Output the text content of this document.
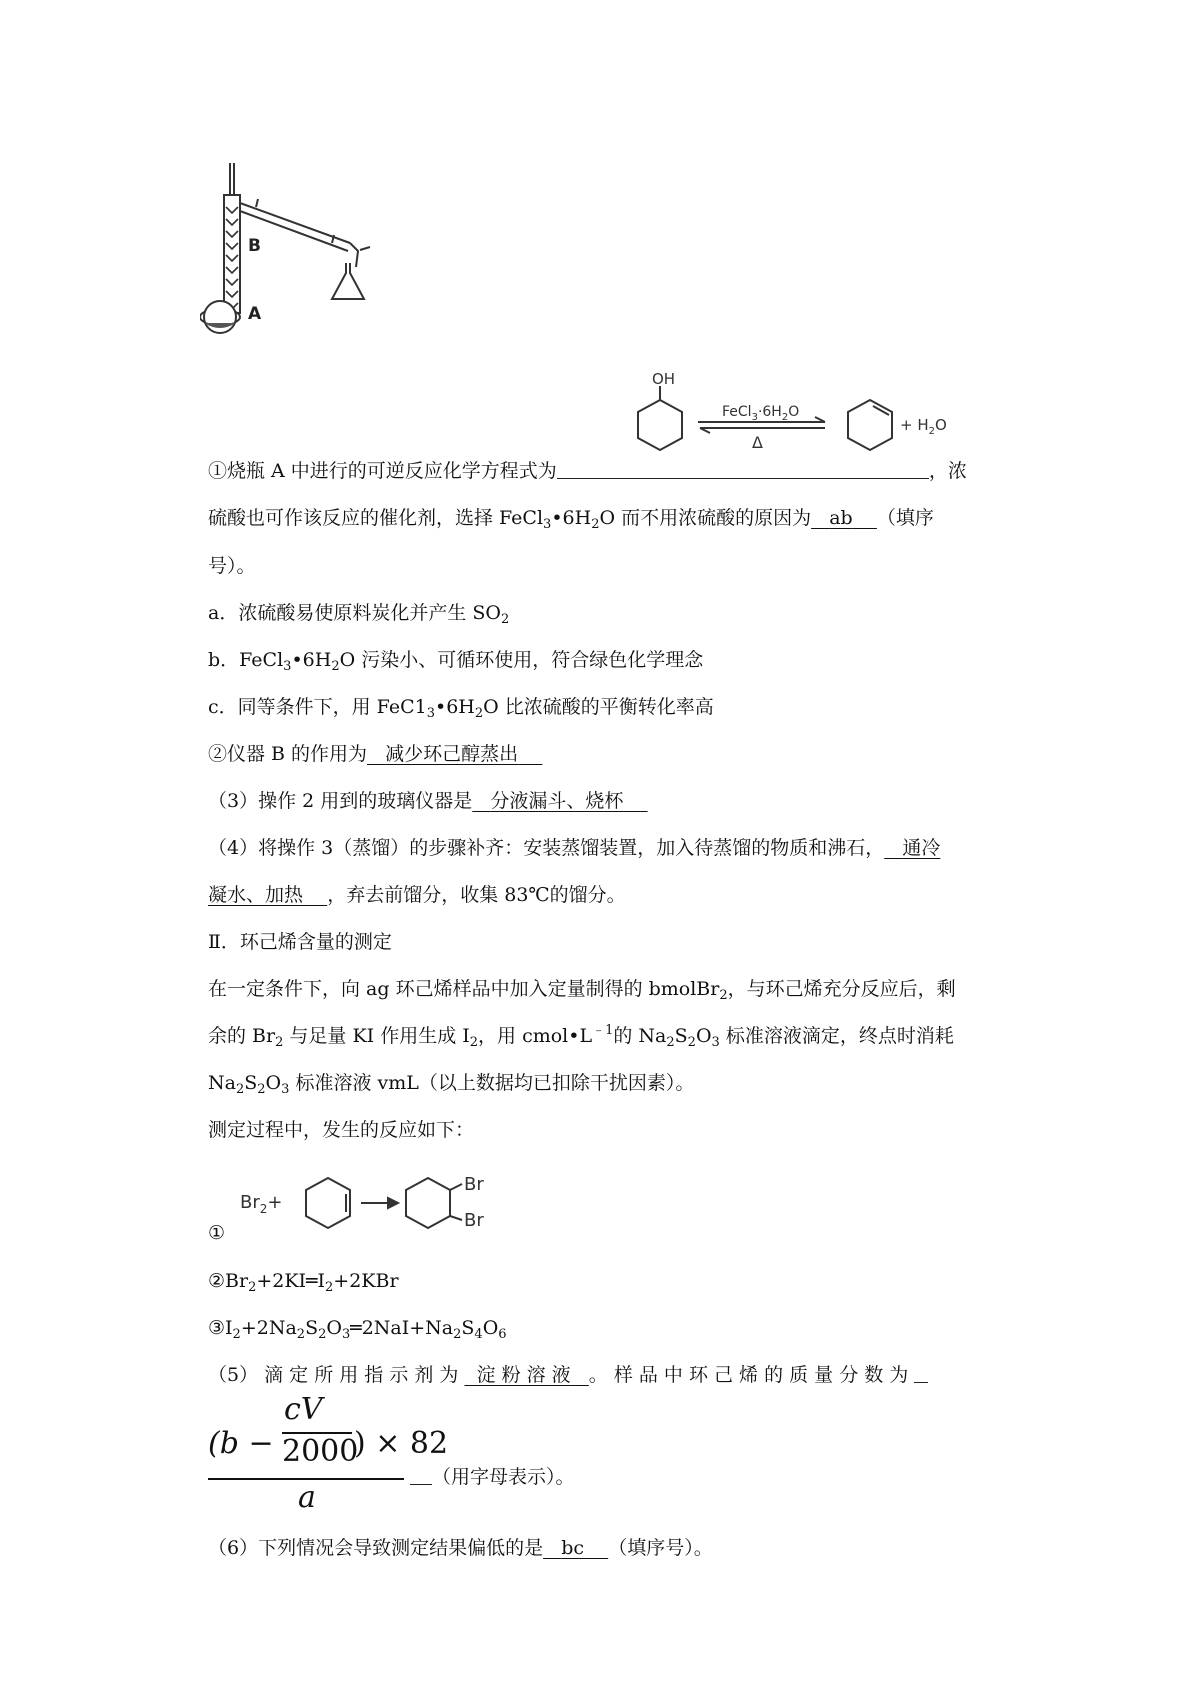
B
A
OH
$FeCl_3\cdot 6H_2O$
Δ
+ $H_2O$
①烧瓶 A 中进行的可逆反应化学方程式为	，浓
硫酸也可作该反应的催化剂，选择 $FeCl_3•6H_2O$ 而不用浓硫酸的原因为 ab （填序
号）。
a．浓硫酸易使原料炭化并产生 $SO_2$
b．$FeCl_3•6H_2O$ 污染小、可循环使用，符合绿色化学理念
c．同等条件下，用 $FeC1_3•6H_2O$ 比浓硫酸的平衡转化率高
②仪器 B 的作用为 减少环己醇蒸出
（3）操作 2 用到的玻璃仪器是 分液漏斗、烧杯
（4）将操作 3（蒸馏）的步骤补齐：安装蒸馏装置，加入待蒸馏的物质和沸石， 通冷
凝水、加热 ，弃去前馏分，收集 83℃的馏分。
Ⅱ．环己烯含量的测定
在一定条件下，向 ag 环己烯样品中加入定量制得的 bmolBr$_2$，与环己烯充分反应后，剩
余的 $Br_2$ 与足量 KI 作用生成 $I_2$，用 $cmol•L^{﹣1}$的 $Na_2S_2O_3$ 标准溶液滴定，终点时消耗
$Na_2S_2O_3$ 标准溶液 vmL（以上数据均已扣除干扰因素）。
测定过程中，发生的反应如下：
①
$Br_2+$
Br
Br
$②Br_2+2KI═I_2+2KBr$
$③I_2+2Na_2S_2O_3═2NaI+Na_2S_4O_6$
（5） 滴 定 所 用 指 示 剂 为 淀 粉 溶 液 。 样 品 中 环 己 烯 的 质 量 分 数 为
(b −
cV
2000
) × 82
a
（用字母表示）。
（6）下列情况会导致测定结果偏低的是 bc （填序号）。
